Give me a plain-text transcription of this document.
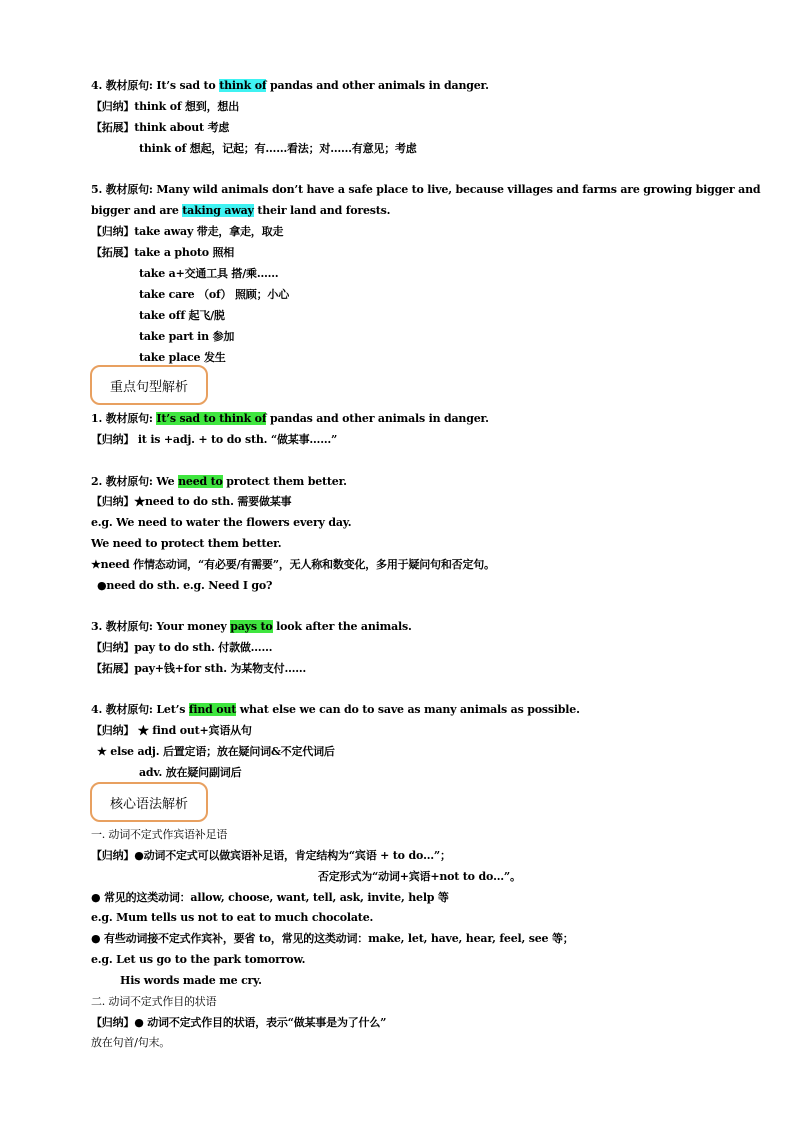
4. 教材原句: It’s sad to think of pandas and other animals in danger.
【归纳】think of 想到，想出
【拓展】think about 考虑
think of 想起，记起；有……看法；对……有意见；考虑
5. 教材原句: Many wild animals don’t have a safe place to live, because villages and farms are growing bigger and
bigger and are taking away their land and forests.
【归纳】take away 带走，拿走，取走
【拓展】take a photo 照相
take a+交通工具 搭/乘……
take care （of） 照顾；小心
take off 起飞/脱
take part in 参加
take place 发生
重点句型解析
1. 教材原句: It’s sad to think of pandas and other animals in danger.
【归纳】 it is +adj. + to do sth. “做某事……”
2. 教材原句: We need to protect them better.
【归纳】★need to do sth. 需要做某事
e.g. We need to water the flowers every day.
We need to protect them better.
★need 作情态动词，“有必要/有需要”，无人称和数变化，多用于疑问句和否定句。
●need do sth. e.g. Need I go?
3. 教材原句: Your money pays to look after the animals.
【归纳】pay to do sth. 付款做……
【拓展】pay+钱+for sth. 为某物支付……
4. 教材原句: Let’s find out what else we can do to save as many animals as possible.
【归纳】 ★ find out+宾语从句
★ else adj. 后置定语；放在疑问词&不定代词后
adv. 放在疑问副词后
核心语法解析
一. 动词不定式作宾语补足语
【归纳】●动词不定式可以做宾语补足语，肯定结构为“宾语 + to do…”；
否定形式为“动词+宾语+not to do…”。
● 常见的这类动词：allow, choose, want, tell, ask, invite, help 等
e.g. Mum tells us not to eat to much chocolate.
● 有些动词接不定式作宾补，要省 to，常见的这类动词：make, let, have, hear, feel, see 等；
e.g. Let us go to the park tomorrow.
His words made me cry.
二. 动词不定式作目的状语
【归纳】● 动词不定式作目的状语，表示“做某事是为了什么”
放在句首/句末。
